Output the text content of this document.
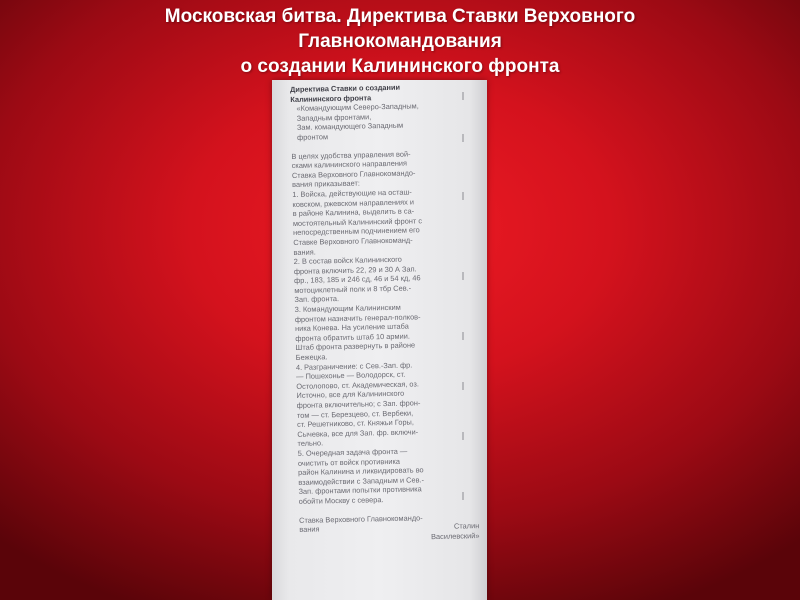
Московская битва. Директива Ставки Верховного
Главнокомандования
о создании Калининского фронта
Директива Ставки о создании
Калининского фронта
«Командующим Северо-Западным,
Западным фронтами,
Зам. командующего Западным
фронтом
В целях удобства управления вой-
сками калининского направления
Ставка Верховного Главнокомандо-
вания приказывает:
1. Войска, действующие на осташ-
ковском, ржевском направлениях и
в районе Калинина, выделить в са-
мостоятельный Калининский фронт с
непосредственным подчинением его
Ставке Верховного Главнокоманд-
вания.
2. В состав войск Калининского
фронта включить 22, 29 и 30 А Зап.
фр., 183, 185 и 246 сд, 46 и 54 кд, 46
мотоциклетный полк и 8 тбр Сев.-
Зап. фронта.
3. Командующим Калининским
фронтом назначить генерал-полков-
ника Конева. На усиление штаба
фронта обратить штаб 10 армии.
Штаб фронта развернуть в районе
Бежецка.
4. Разграничение: с Сев.-Зап. фр.
— Пошехонье — Володорск, ст.
Остолопово, ст. Академическая, оз.
Источно, все для Калининского
фронта включительно; с Зап. фрон-
том — ст. Березцево, ст. Вербеки,
ст. Решетниково, ст. Княжьи Горы,
Сычевка, все для Зап. фр. включи-
тельно.
5. Очередная задача фронта —
очистить от войск противника
район Калинина и ликвидировать во
взаимодействии с Западным и Сев.-
Зап. фронтами попытки противника
обойти Москву с севера.
Ставка Верховного Главнокомандо-
вания	Сталин
Василевский»
